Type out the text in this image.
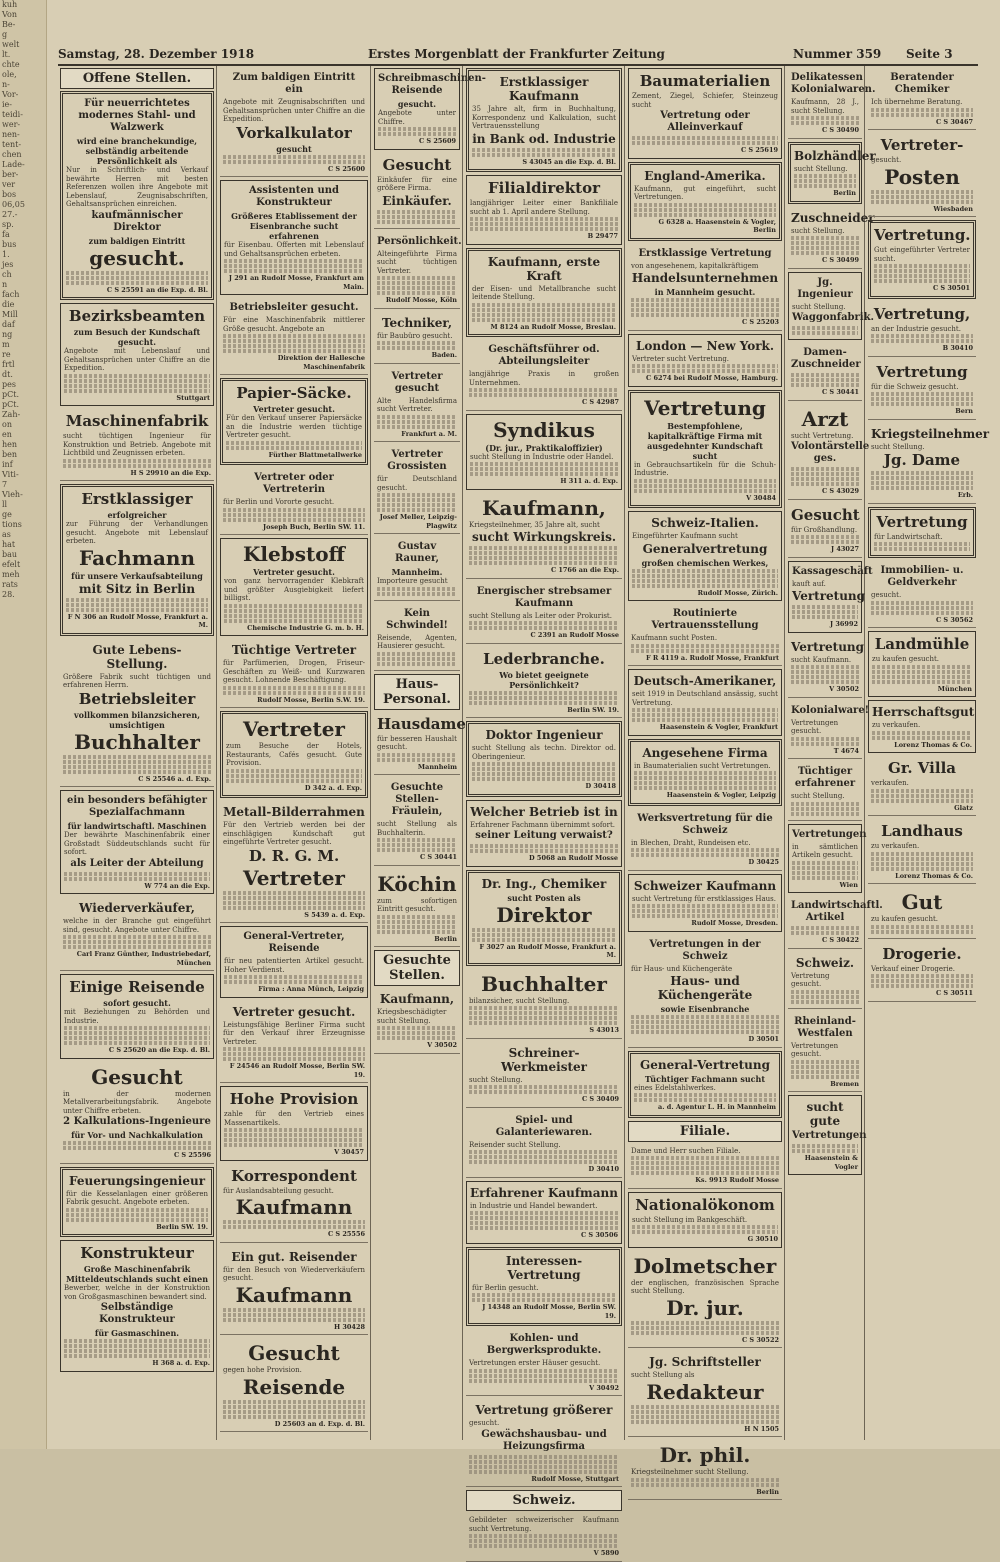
kuh
Von
Be-
g
welt
lt.
chte
ole,
n-
Vor-
ie-
teidi-
wer-
nen-
tent-
chen
Lade-
ber-
ver
bos
06,05
27.-
sp.
fa
bus
1.
jes
ch
n
fach
die
Mill
daf
ng
m
re
frtl
dt.
pes
pCt.
pCt.
Zah-
on
en
hen
ben
inf
Viti-
7
Vieh-
ll
ge
tions
as
hat
bau
efelt
meh
rats
28.
Samstag, 28. Dezember 1918	Erstes Morgenblatt der Frankfurter Zeitung	Nummer 359 Seite 3
Offene Stellen.
Für neuerrichtetes modernes Stahl- und Walzwerk
wird eine branchekundige, selbständig arbeitende Persönlichkeit als
Nur in Schriftlich- und Verkauf bewährte Herren mit besten Referenzen wollen ihre Angebote mit Lebenslauf, Zeugnisabschriften, Gehaltsansprüchen einreichen.
kaufmännischer Direktor
zum baldigen Eintritt
gesucht.
C S 25591 an die Exp. d. Bl.
Bezirksbeamten
zum Besuch der Kundschaft gesucht.
Angebote mit Lebenslauf und Gehaltsansprüchen unter Chiffre an die Expedition.
Stuttgart
Maschinenfabrik
sucht tüchtigen Ingenieur für Konstruktion und Betrieb. Angebote mit Lichtbild und Zeugnissen erbeten.
H S 29910 an die Exp.
Erstklassiger
erfolgreicher
zur Führung der Verhandlungen gesucht. Angebote mit Lebenslauf erbeten.
Fachmann
für unsere Verkaufsabteilung
mit Sitz in Berlin
F N 306 an Rudolf Mosse, Frankfurt a. M.
Gute Lebens-Stellung.
Größere Fabrik sucht tüchtigen und erfahrenen Herrn.
Betriebsleiter
vollkommen bilanzsicheren, umsichtigen
Buchhalter
C S 25546 a. d. Exp.
ein besonders befähigter Spezialfachmann
für landwirtschaftl. Maschinen
Der bewährte Maschinenfabrik einer Großstadt Süddeutschlands sucht für sofort.
als Leiter der Abteilung
W 774 an die Exp.
Wiederverkäufer,
welche in der Branche gut eingeführt sind, gesucht. Angebote unter Chiffre.
Carl Franz Günther, Industriebedarf, München
Einige Reisende
sofort gesucht.
mit Beziehungen zu Behörden und Industrie.
C S 25620 an die Exp. d. Bl.
Gesucht
in der modernen Metallverarbeitungsfabrik. Angebote unter Chiffre erbeten.
2 Kalkulations-Ingenieure
für Vor- und Nachkalkulation
C S 25596
Feuerungsingenieur
für die Kesselanlagen einer größeren Fabrik gesucht. Angebote erbeten.
Berlin SW. 19.
Konstrukteur
Große Maschinenfabrik Mitteldeutschlands sucht einen
Bewerber, welche in der Konstruktion von Großgasmaschinen bewandert sind.
Selbständige Konstrukteur
für Gasmaschinen.
H 368 a. d. Exp.
Zum baldigen Eintritt ein
Angebote mit Zeugnisabschriften und Gehaltsansprüchen unter Chiffre an die Expedition.
Vorkalkulator
gesucht
C S 25600
Assistenten und Konstrukteur
Größeres Etablissement der Eisenbranche sucht erfahrenen
für Eisenbau. Offerten mit Lebenslauf und Gehaltsansprüchen erbeten.
J 291 an Rudolf Mosse, Frankfurt am Main.
Betriebsleiter gesucht.
Für eine Maschinenfabrik mittlerer Größe gesucht. Angebote an
Direktion der Hallesche Maschinenfabrik
Papier-Säcke.
Vertreter gesucht.
Für den Verkauf unserer Papiersäcke an die Industrie werden tüchtige Vertreter gesucht.
Fürther Blattmetallwerke
Vertreter oder Vertreterin
für Berlin und Vororte gesucht.
Joseph Buch, Berlin SW. 11.
Klebstoff
Vertreter gesucht.
von ganz hervorragender Klebkraft und größter Ausgiebigkeit liefert billigst.
Chemische Industrie G. m. b. H.
Tüchtige Vertreter
für Parfümerien, Drogen, Friseur-Geschäften zu Weiß- und Kurzwaren gesucht. Lohnende Beschäftigung.
Rudolf Mosse, Berlin S.W. 19.
Vertreter
zum Besuche der Hotels, Restaurants, Cafés gesucht. Gute Provision.
D 342 a. d. Exp.
Metall-Bilderrahmen
Für den Vertrieb werden bei der einschlägigen Kundschaft gut eingeführte Vertreter gesucht.
D. R. G. M.
Vertreter
S 5439 a. d. Exp.
General-Vertreter, Reisende
für neu patentierten Artikel gesucht. Hoher Verdienst.
Firma : Anna Münch, Leipzig
Vertreter gesucht.
Leistungsfähige Berliner Firma sucht für den Verkauf ihrer Erzeugnisse Vertreter.
F 24546 an Rudolf Mosse, Berlin SW. 19.
Hohe Provision
zahle für den Vertrieb eines Massenartikels.
V 30457
Korrespondent
für Auslandsabteilung gesucht.
Kaufmann
C S 25556
Ein gut. Reisender
für den Besuch von Wiederverkäufern gesucht.
Kaufmann
H 30428
Gesucht
gegen hohe Provision.
Reisende
D 25603 an d. Exp. d. Bl.
Schreibmaschinen-Reisende
gesucht.
Angebote unter Chiffre.
C S 25609
Gesucht
Einkäufer für eine größere Firma.
Einkäufer.
Persönlichkeit.
Alteingeführte Firma sucht tüchtigen Vertreter.
Rudolf Mosse, Köln
Techniker,
für Baubüro gesucht.
Baden.
Vertreter gesucht
Alte Handelsfirma sucht Vertreter.
Frankfurt a. M.
Vertreter Grossisten
für Deutschland gesucht.
Josef Meller, Leipzig-Plagwitz
Gustav Rauner,
Mannheim.
Importeure gesucht
Kein Schwindel!
Reisende, Agenten, Hausierer gesucht.
Haus-Personal.
Hausdame
für besseren Haushalt gesucht.
Mannheim
Gesuchte Stellen-Fräulein,
sucht Stellung als Buchhalterin.
C S 30441
Köchin
zum sofortigen Eintritt gesucht.
Berlin
Gesuchte Stellen.
Kaufmann,
Kriegsbeschädigter sucht Stellung.
V 30502
Erstklassiger Kaufmann
35 Jahre alt, firm in Buchhaltung, Korrespondenz und Kalkulation, sucht Vertrauensstellung
in Bank od. Industrie
S 43045 an die Exp. d. Bl.
Filialdirektor
langjähriger Leiter einer Bankfiliale sucht ab 1. April andere Stellung.
B 29477
Kaufmann, erste Kraft
der Eisen- und Metallbranche sucht leitende Stellung.
M 8124 an Rudolf Mosse, Breslau.
Geschäftsführer od. Abteilungsleiter
langjährige Praxis in großen Unternehmen.
C S 42987
Syndikus
(Dr. jur., Praktikaloffizier)
sucht Stellung in Industrie oder Handel.
H 311 a. d. Exp.
Kaufmann,
Kriegsteilnehmer, 35 Jahre alt, sucht
sucht Wirkungskreis.
C 1766 an die Exp.
Energischer strebsamer Kaufmann
sucht Stellung als Leiter oder Prokurist.
C 2391 an Rudolf Mosse
Lederbranche.
Wo bietet geeignete Persönlichkeit?
Berlin SW. 19.
Doktor Ingenieur
sucht Stellung als techn. Direktor od. Oberingenieur.
D 30418
Welcher Betrieb ist in
Erfahrener Fachmann übernimmt sofort.
seiner Leitung verwaist?
D 5068 an Rudolf Mosse
Dr. Ing., Chemiker
sucht Posten als
Direktor
F 3027 an Rudolf Mosse, Frankfurt a. M.
Buchhalter
bilanzsicher, sucht Stellung.
S 43013
Schreiner-Werkmeister
sucht Stellung.
C S 30409
Spiel- und Galanteriewaren.
Reisender sucht Stellung.
D 30410
Erfahrener Kaufmann
in Industrie und Handel bewandert.
C S 30506
Interessen-Vertretung
für Berlin gesucht.
J 14348 an Rudolf Mosse, Berlin SW. 19.
Kohlen- und Bergwerksprodukte.
Vertretungen erster Häuser gesucht.
V 30492
Vertretung größerer
gesucht.
Gewächshausbau- und Heizungsfirma
Rudolf Mosse, Stuttgart
Schweiz.
Gebildeter schweizerischer Kaufmann sucht Vertretung.
V 5890
Baumaterialien
Zement, Ziegel, Schiefer, Steinzeug sucht
Vertretung oder Alleinverkauf
C S 25619
England-Amerika.
Kaufmann, gut eingeführt, sucht Vertretungen.
G 6328 a. Haasenstein & Vogler, Berlin
Erstklassige Vertretung
von angesehenem, kapitalkräftigem
Handelsunternehmen
in Mannheim gesucht.
C S 25203
London — New York.
Vertreter sucht Vertretung.
C 6274 bei Rudolf Mosse, Hamburg.
Vertretung
Bestempfohlene, kapitalkräftige Firma mit ausgedehnter Kundschaft sucht
in Gebrauchsartikeln für die Schuh-Industrie.
V 30484
Schweiz-Italien.
Eingeführter Kaufmann sucht
Generalvertretung
großen chemischen Werkes,
Rudolf Mosse, Zürich.
Routinierte Vertrauensstellung
Kaufmann sucht Posten.
F R 4119 a. Rudolf Mosse, Frankfurt
Deutsch-Amerikaner,
seit 1919 in Deutschland ansässig, sucht Vertretung.
Haasenstein & Vogler, Frankfurt
Angesehene Firma
in Baumaterialien sucht Vertretungen.
Haasenstein & Vogler, Leipzig
Werksvertretung für die Schweiz
in Blechen, Draht, Rundeisen etc.
D 30425
Schweizer Kaufmann
sucht Vertretung für erstklassiges Haus.
Rudolf Mosse, Dresden.
Vertretungen in der Schweiz
für Haus- und Küchengeräte
Haus- und Küchengeräte
sowie Eisenbranche
D 30501
General-Vertretung
Tüchtiger Fachmann sucht
eines Edelstahlwerkes.
a. d. Agentur L. H. in Mannheim
Filiale.
Dame und Herr suchen Filiale.
Ks. 9913 Rudolf Mosse
Nationalökonom
sucht Stellung im Bankgeschäft.
G 30510
Dolmetscher
der englischen, französischen Sprache sucht Stellung.
Dr. jur.
C S 30522
Jg. Schriftsteller
sucht Stellung als
Redakteur
H N 1505
Dr. phil.
Kriegsteilnehmer sucht Stellung.
Berlin
Delikatessen Kolonialwaren.
Kaufmann, 28 J., sucht Stellung.
C S 30490
Bolzhändler
sucht Stellung.
Berlin
Zuschneider
sucht Stellung.
C S 30499
Jg. Ingenieur
sucht Stellung.
Waggonfabrik.
Damen-Zuschneider
C S 30441
Arzt
sucht Vertretung.
Volontärstelle ges.
C S 43029
Gesucht
für Großhandlung.
J 43027
Kassageschäft
kauft auf.
Vertretung
J 36992
Vertretung
sucht Kaufmann.
V 30502
Kolonialware!
Vertretungen gesucht.
T 4674
Tüchtiger erfahrener
sucht Stellung.
Vertretungen
in sämtlichen Artikeln gesucht.
Wien
Landwirtschaftl. Artikel
C S 30422
Schweiz.
Vertretung gesucht.
Rheinland-Westfalen
Vertretungen gesucht.
Bremen
sucht gute
Vertretungen
Haasenstein & Vogler
Beratender Chemiker
Ich übernehme Beratung.
C S 30467
Vertreter-
gesucht.
Posten
Wiesbaden
Vertretung.
Gut eingeführter Vertreter sucht.
C S 30501
Vertretung,
an der Industrie gesucht.
B 30410
Vertretung
für die Schweiz gesucht.
Bern
Kriegsteilnehmer
sucht Stellung.
Jg. Dame
Erb.
Vertretung
für Landwirtschaft.
Immobilien- u. Geldverkehr
gesucht.
C S 30562
Landmühle
zu kaufen gesucht.
München
Herrschaftsgut
zu verkaufen.
Lorenz Thomas & Co.
Gr. Villa
verkaufen.
Glatz
Landhaus
zu verkaufen.
Lorenz Thomas & Co.
Gut
zu kaufen gesucht.
Drogerie.
Verkauf einer Drogerie.
C S 30511
